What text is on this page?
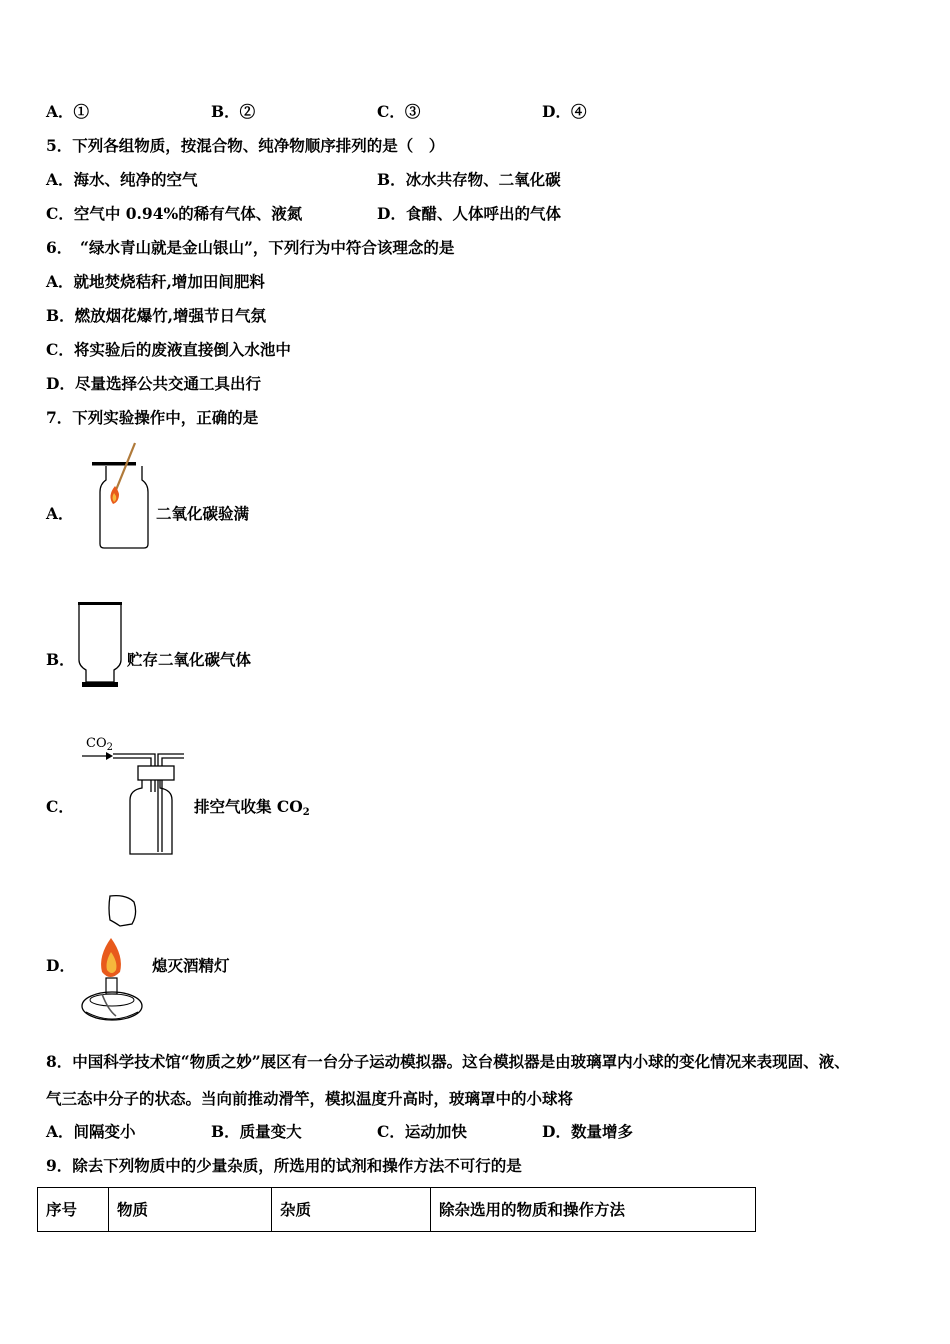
A．①	B．②	C．③	D．④
5．下列各组物质，按混合物、纯净物顺序排列的是（　）
A．海水、纯净的空气	B．冰水共存物、二氧化碳
C．空气中 0.94%的稀有气体、液氮	D．食醋、人体呼出的气体
6．　“绿水青山就是金山银山”，下列行为中符合该理念的是
A．就地焚烧秸秆,增加田间肥料
B．燃放烟花爆竹,增强节日气氛
C．将实验后的废液直接倒入水池中
D．尽量选择公共交通工具出行
7．下列实验操作中，正确的是
A．	二氧化碳验满
B．	贮存二氧化碳气体
C．
$CO_2$
排空气收集 $CO_2$
D．	熄灭酒精灯
8．中国科学技术馆“物质之妙”展区有一台分子运动模拟器。这台模拟器是由玻璃罩内小球的变化情况来表现固、液、
气三态中分子的状态。当向前推动滑竿，模拟温度升高时，玻璃罩中的小球将
A．间隔变小	B．质量变大	C．运动加快	D．数量增多
9．除去下列物质中的少量杂质，所选用的试剂和操作方法不可行的是
序号	物质	杂质	除杂选用的物质和操作方法
